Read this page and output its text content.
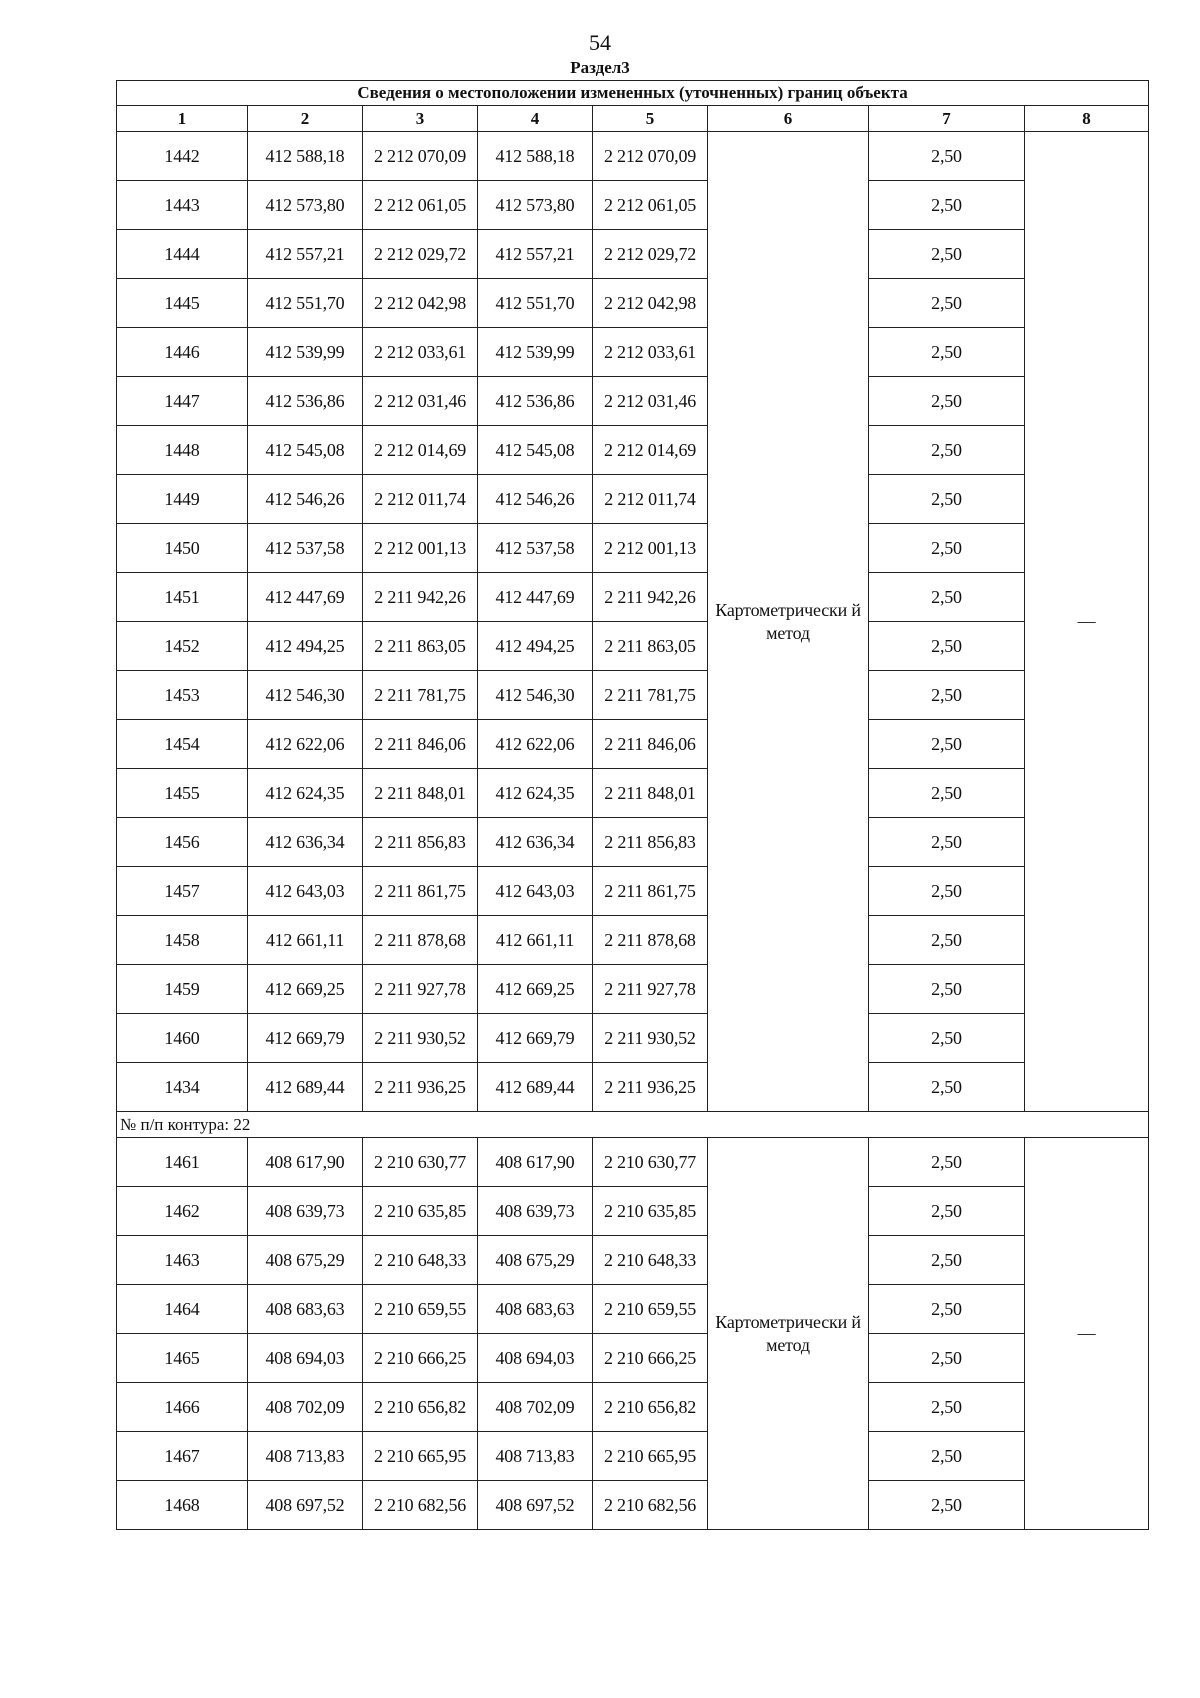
54
Раздел3
Сведения о местоположении измененных (уточненных) границ объекта							
1	2	3	4	5	6	7	8
1442	412 588,18	2 212 070,09	412 588,18	2 212 070,09	Картометрически й метод	2,50	—
1443	412 573,80	2 212 061,05	412 573,80	2 212 061,05		2,50	
1444	412 557,21	2 212 029,72	412 557,21	2 212 029,72		2,50	
1445	412 551,70	2 212 042,98	412 551,70	2 212 042,98		2,50	
1446	412 539,99	2 212 033,61	412 539,99	2 212 033,61		2,50	
1447	412 536,86	2 212 031,46	412 536,86	2 212 031,46		2,50	
1448	412 545,08	2 212 014,69	412 545,08	2 212 014,69		2,50	
1449	412 546,26	2 212 011,74	412 546,26	2 212 011,74		2,50	
1450	412 537,58	2 212 001,13	412 537,58	2 212 001,13		2,50	
1451	412 447,69	2 211 942,26	412 447,69	2 211 942,26		2,50	
1452	412 494,25	2 211 863,05	412 494,25	2 211 863,05		2,50	
1453	412 546,30	2 211 781,75	412 546,30	2 211 781,75		2,50	
1454	412 622,06	2 211 846,06	412 622,06	2 211 846,06		2,50	
1455	412 624,35	2 211 848,01	412 624,35	2 211 848,01		2,50	
1456	412 636,34	2 211 856,83	412 636,34	2 211 856,83		2,50	
1457	412 643,03	2 211 861,75	412 643,03	2 211 861,75		2,50	
1458	412 661,11	2 211 878,68	412 661,11	2 211 878,68		2,50	
1459	412 669,25	2 211 927,78	412 669,25	2 211 927,78		2,50	
1460	412 669,79	2 211 930,52	412 669,79	2 211 930,52		2,50	
1434	412 689,44	2 211 936,25	412 689,44	2 211 936,25		2,50	
№ п/п контура: 22							
1461	408 617,90	2 210 630,77	408 617,90	2 210 630,77	Картометрически й метод	2,50	—
1462	408 639,73	2 210 635,85	408 639,73	2 210 635,85		2,50	
1463	408 675,29	2 210 648,33	408 675,29	2 210 648,33		2,50	
1464	408 683,63	2 210 659,55	408 683,63	2 210 659,55		2,50	
1465	408 694,03	2 210 666,25	408 694,03	2 210 666,25		2,50	
1466	408 702,09	2 210 656,82	408 702,09	2 210 656,82		2,50	
1467	408 713,83	2 210 665,95	408 713,83	2 210 665,95		2,50	
1468	408 697,52	2 210 682,56	408 697,52	2 210 682,56		2,50	
